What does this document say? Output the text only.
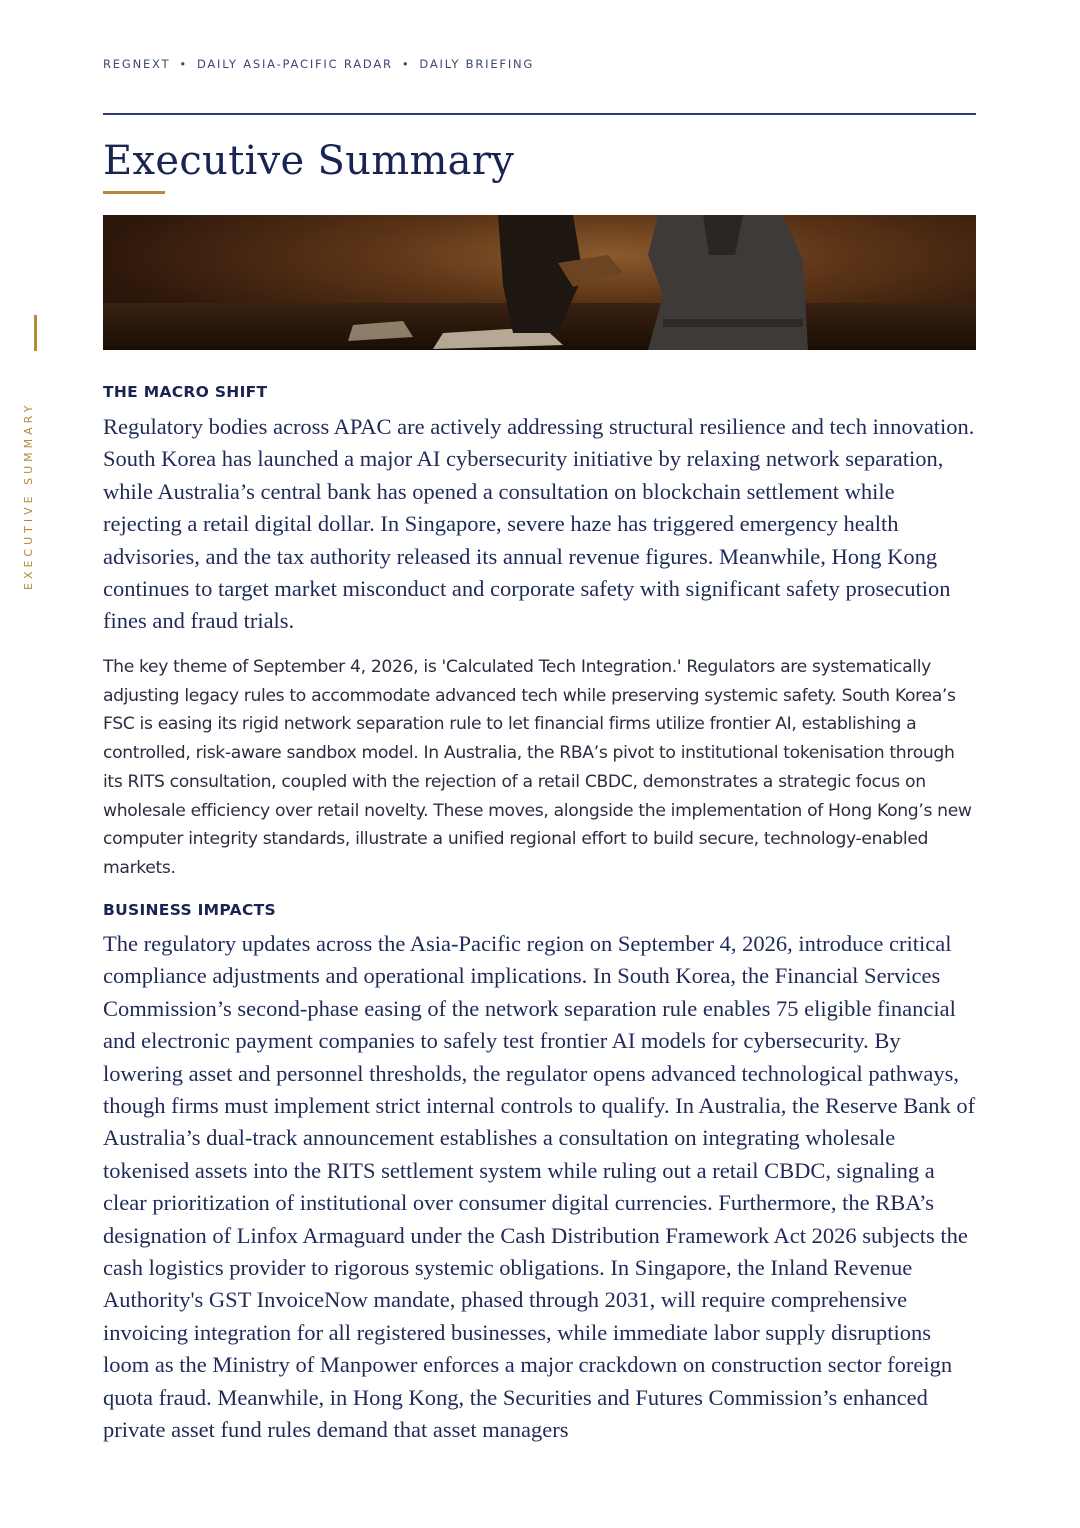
REGNEXT • DAILY ASIA-PACIFIC RADAR • DAILY BRIEFING
Executive Summary
EXECUTIVE SUMMARY
THE MACRO SHIFT

Regulatory bodies across APAC are actively addressing structural resilience and tech innovation. South Korea has launched a major AI cybersecurity initiative by relaxing network separation, while Australia’s central bank has opened a consultation on blockchain settlement while rejecting a retail digital dollar. In Singapore, severe haze has triggered emergency health advisories, and the tax authority released its annual revenue figures. Meanwhile, Hong Kong continues to target market misconduct and corporate safety with significant safety prosecution fines and fraud trials.

The key theme of September 4, 2026, is 'Calculated Tech Integration.' Regulators are systematically adjusting legacy rules to accommodate advanced tech while preserving systemic safety. South Korea’s FSC is easing its rigid network separation rule to let financial firms utilize frontier AI, establishing a controlled, risk-aware sandbox model. In Australia, the RBA’s pivot to institutional tokenisation through its RITS consultation, coupled with the rejection of a retail CBDC, demonstrates a strategic focus on wholesale efficiency over retail novelty. These moves, alongside the implementation of Hong Kong’s new computer integrity standards, illustrate a unified regional effort to build secure, technology-enabled markets.

BUSINESS IMPACTS

The regulatory updates across the Asia-Pacific region on September 4, 2026, introduce critical compliance adjustments and operational implications. In South Korea, the Financial Services Commission’s second-phase easing of the network separation rule enables 75 eligible financial and electronic payment companies to safely test frontier AI models for cybersecurity. By lowering asset and personnel thresholds, the regulator opens advanced technological pathways, though firms must implement strict internal controls to qualify. In Australia, the Reserve Bank of Australia’s dual-track announcement establishes a consultation on integrating wholesale tokenised assets into the RITS settlement system while ruling out a retail CBDC, signaling a clear prioritization of institutional over consumer digital currencies. Furthermore, the RBA’s designation of Linfox Armaguard under the Cash Distribution Framework Act 2026 subjects the cash logistics provider to rigorous systemic obligations. In Singapore, the Inland Revenue Authority's GST InvoiceNow mandate, phased through 2031, will require comprehensive invoicing integration for all registered businesses, while immediate labor supply disruptions loom as the Ministry of Manpower enforces a major crackdown on construction sector foreign quota fraud. Meanwhile, in Hong Kong, the Securities and Futures Commission’s enhanced private asset fund rules demand that asset managers
